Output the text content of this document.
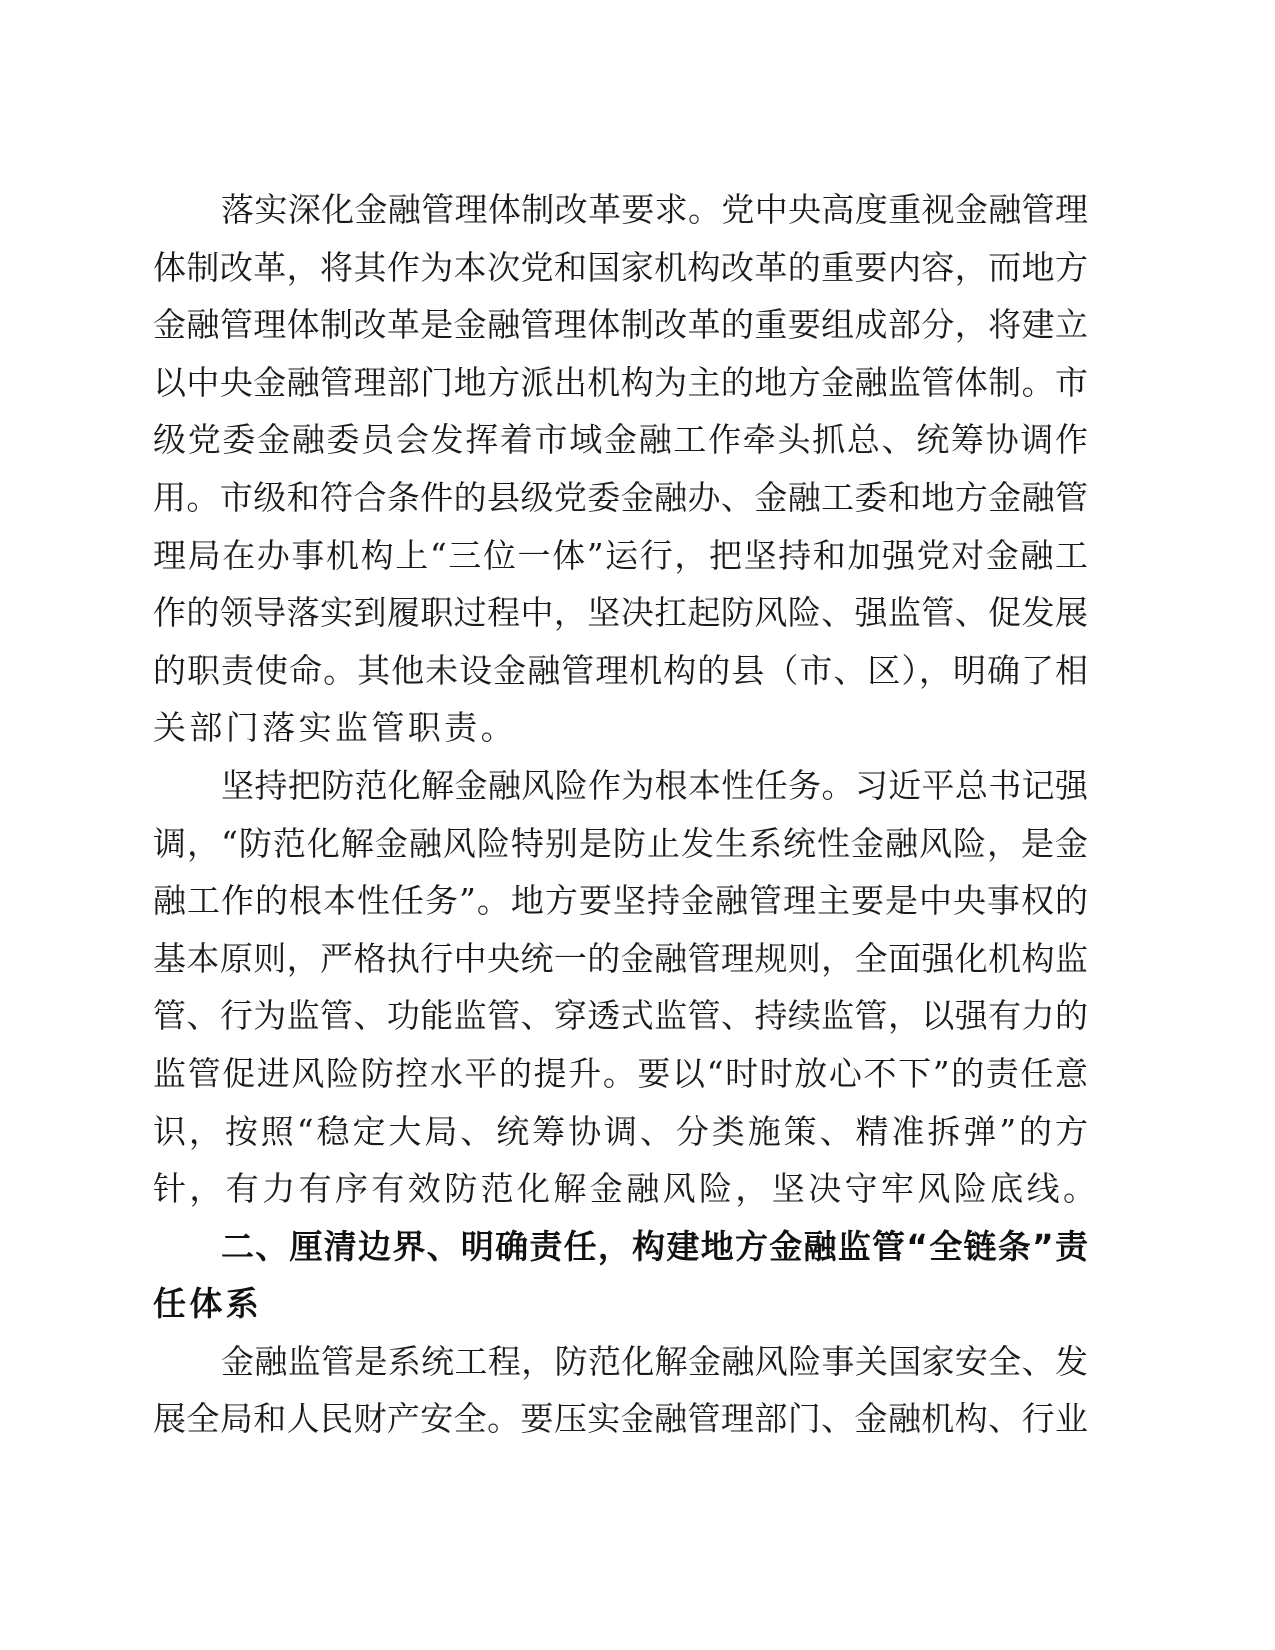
落实深化金融管理体制改革要求。党中央高度重视金融管理
体制改革，将其作为本次党和国家机构改革的重要内容，而地方
金融管理体制改革是金融管理体制改革的重要组成部分，将建立
以中央金融管理部门地方派出机构为主的地方金融监管体制。市
级党委金融委员会发挥着市域金融工作牵头抓总、统筹协调作
用。市级和符合条件的县级党委金融办、金融工委和地方金融管
理局在办事机构上“三位一体”运行，把坚持和加强党对金融工
作的领导落实到履职过程中，坚决扛起防风险、强监管、促发展
的职责使命。其他未设金融管理机构的县（市、区），明确了相
关部门落实监管职责。
坚持把防范化解金融风险作为根本性任务。习近平总书记强
调，“防范化解金融风险特别是防止发生系统性金融风险，是金
融工作的根本性任务”。地方要坚持金融管理主要是中央事权的
基本原则，严格执行中央统一的金融管理规则，全面强化机构监
管、行为监管、功能监管、穿透式监管、持续监管，以强有力的
监管促进风险防控水平的提升。要以“时时放心不下”的责任意
识，按照“稳定大局、统筹协调、分类施策、精准拆弹”的方
针，有力有序有效防范化解金融风险，坚决守牢风险底线。
二、厘清边界、明确责任，构建地方金融监管“全链条”责
任体系
金融监管是系统工程，防范化解金融风险事关国家安全、发
展全局和人民财产安全。要压实金融管理部门、金融机构、行业
